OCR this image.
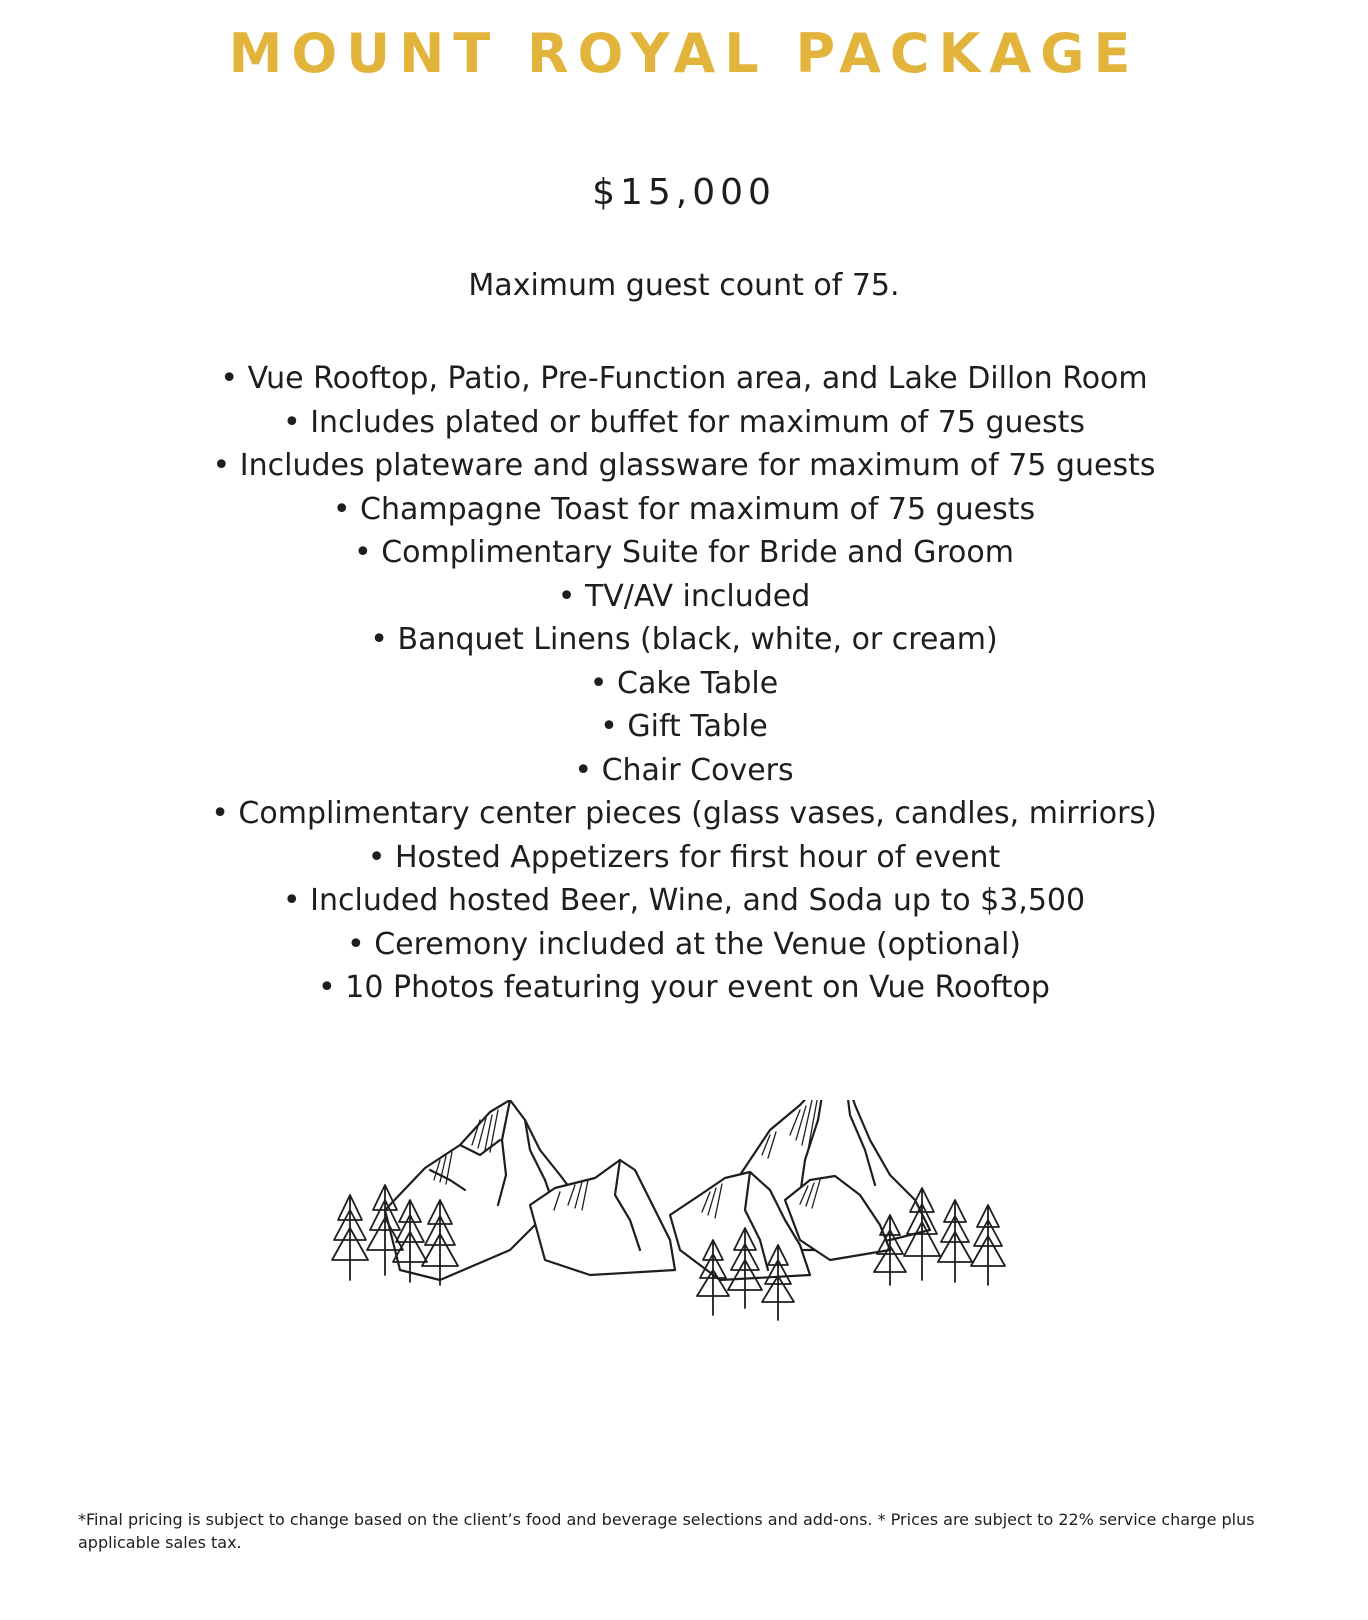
MOUNT ROYAL PACKAGE
$15,000
Maximum guest count of 75.
• Vue Rooftop, Patio, Pre-Function area, and Lake Dillon Room
• Includes plated or buffet for maximum of 75 guests
• Includes plateware and glassware for maximum of 75 guests
• Champagne Toast for maximum of 75 guests
• Complimentary Suite for Bride and Groom
• TV/AV included
• Banquet Linens (black, white, or cream)
• Cake Table
• Gift Table
• Chair Covers
• Complimentary center pieces (glass vases, candles, mirriors)
• Hosted Appetizers for first hour of event
• Included hosted Beer, Wine, and Soda up to $3,500
• Ceremony included at the Venue (optional)
• 10 Photos featuring your event on Vue Rooftop

*Final pricing is subject to change based on the client’s food and beverage selections and add-ons. * Prices are subject to 22% service charge plus applicable sales tax.
